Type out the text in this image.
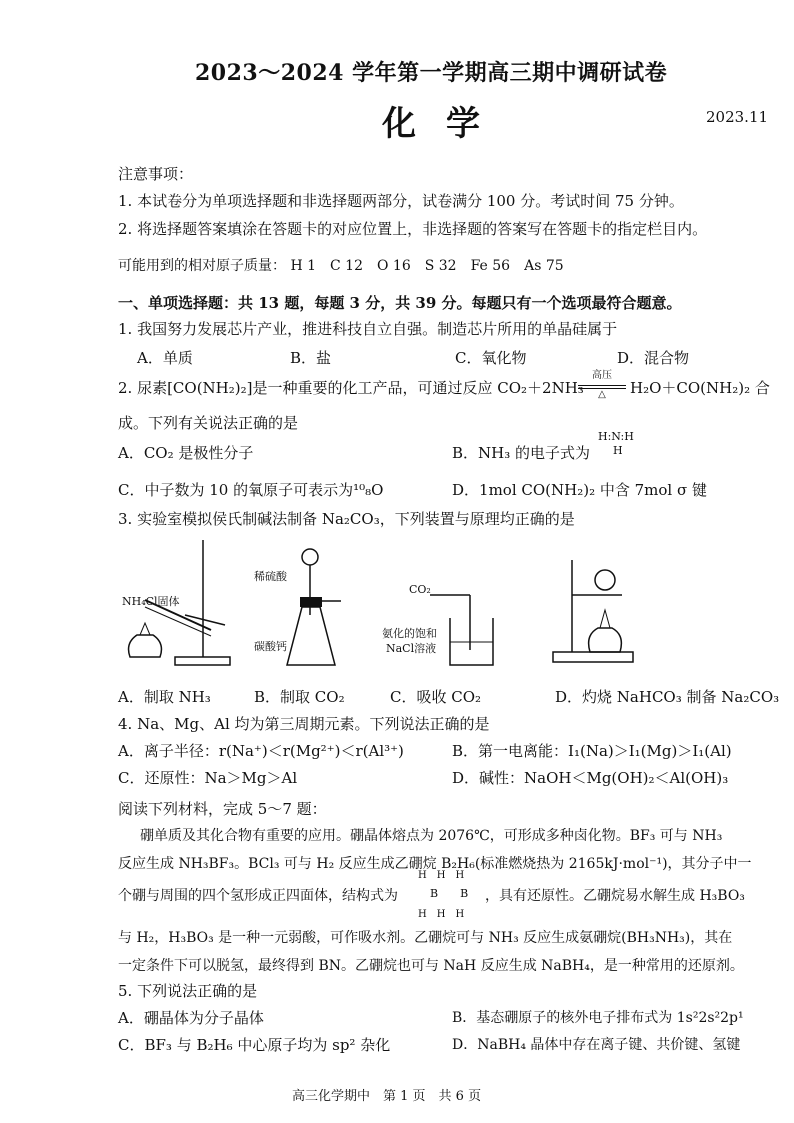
2023～2024 学年第一学期高三期中调研试卷
化学	2023.11
注意事项：
1. 本试卷分为单项选择题和非选择题两部分，试卷满分 100 分。考试时间 75 分钟。
2. 将选择题答案填涂在答题卡的对应位置上，非选择题的答案写在答题卡的指定栏目内。
可能用到的相对原子质量： H 1　C 12　O 16　S 32　Fe 56　As 75
一、单项选择题：共 13 题，每题 3 分，共 39 分。每题只有一个选项最符合题意。
1. 我国努力发展芯片产业，推进科技自立自强。制造芯片所用的单晶硅属于
A．单质	B．盐	C．氧化物	D．混合物
2. 尿素[CO(NH₂)₂]是一种重要的化工产品，可通过反应 CO₂＋2NH₃
高压
△	H₂O＋CO(NH₂)₂ 合
成。下列有关说法正确的是
A．CO₂ 是极性分子	B．NH₃ 的电子式为
H:N:H
H
C．中子数为 10 的氧原子可表示为¹⁰₈O	D．1mol CO(NH₂)₂ 中含 7mol σ 键
3. 实验室模拟侯氏制碱法制备 Na₂CO₃，下列装置与原理均正确的是
NH₄Cl固体
稀硫酸
碳酸钙
CO₂
氨化的饱和
NaCl溶液
A．制取 NH₃	B．制取 CO₂	C．吸收 CO₂	D．灼烧 NaHCO₃ 制备 Na₂CO₃
4. Na、Mg、Al 均为第三周期元素。下列说法正确的是
A．离子半径：r(Na⁺)＜r(Mg²⁺)＜r(Al³⁺)	B．第一电离能：I₁(Na)＞I₁(Mg)＞I₁(Al)
C．还原性：Na＞Mg＞Al	D．碱性：NaOH＜Mg(OH)₂＜Al(OH)₃
阅读下列材料，完成 5～7 题：
硼单质及其化合物有重要的应用。硼晶体熔点为 2076℃，可形成多种卤化物。BF₃ 可与 NH₃
反应生成 NH₃BF₃。BCl₃ 可与 H₂ 反应生成乙硼烷 B₂H₆(标准燃烧热为 2165kJ·mol⁻¹)，其分子中一
个硼与周围的四个氢形成正四面体，结构式为
H　H　H
B　　B
H　H　H
，具有还原性。乙硼烷易水解生成 H₃BO₃
与 H₂，H₃BO₃ 是一种一元弱酸，可作吸水剂。乙硼烷可与 NH₃ 反应生成氨硼烷(BH₃NH₃)，其在
一定条件下可以脱氢，最终得到 BN。乙硼烷也可与 NaH 反应生成 NaBH₄，是一种常用的还原剂。
5. 下列说法正确的是
A．硼晶体为分子晶体	B．基态硼原子的核外电子排布式为 1s²2s²2p¹
C．BF₃ 与 B₂H₆ 中心原子均为 sp² 杂化	D．NaBH₄ 晶体中存在离子键、共价键、氢键
高三化学期中　第 1 页　共 6 页
